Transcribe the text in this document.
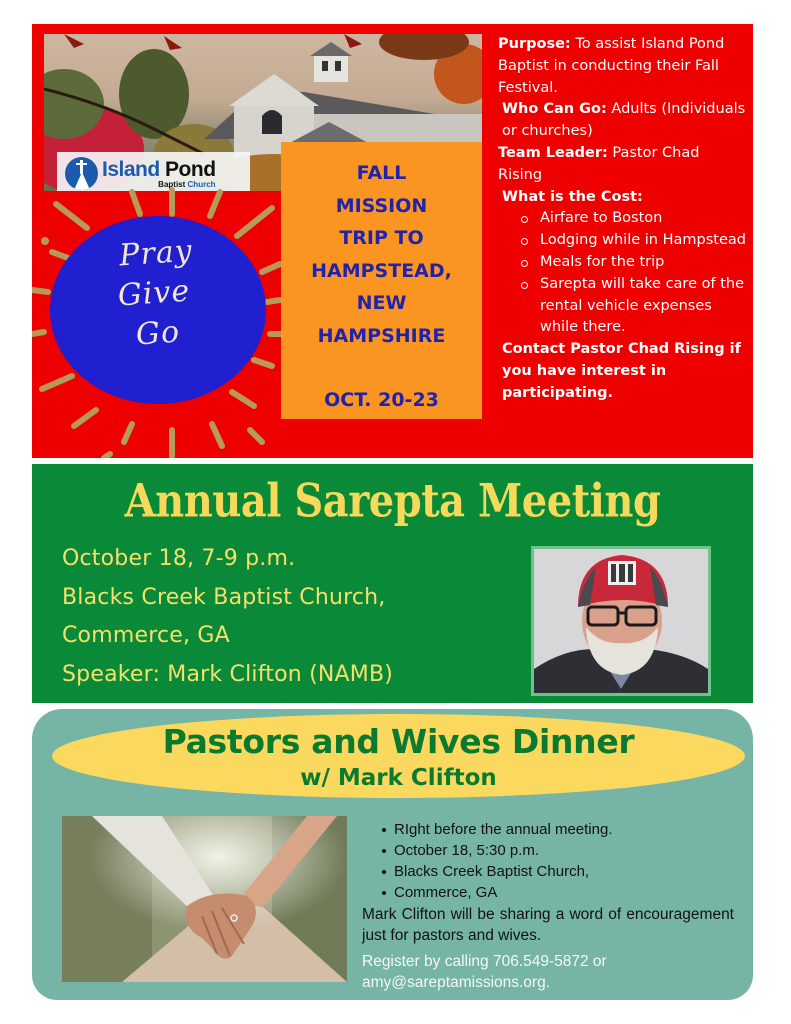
Island Pond
Baptist Church
Pray
Give
Go
FALL
MISSION
TRIP TO
HAMPSTEAD,
NEW
HAMPSHIRE
OCT. 20-23
Purpose: To assist Island Pond Baptist in conducting their Fall Festival.
Who Can Go: Adults (Individuals or churches)
Team Leader: Pastor Chad Rising
What is the Cost:
Airfare to Boston
Lodging while in Hampstead
Meals for the trip
Sarepta will take care of the rental vehicle expenses while there.
Contact Pastor Chad Rising if you have interest in participating.
Annual Sarepta Meeting
October 18, 7-9 p.m.
Blacks Creek Baptist Church,
Commerce, GA
Speaker: Mark Clifton (NAMB)
Pastors and Wives Dinner
w/ Mark Clifton
RIght before the annual meeting.
October 18, 5:30 p.m.
Blacks Creek Baptist Church,
Commerce, GA
Mark Clifton will be sharing a word of encouragement just for pastors and wives.
Register by calling 706.549-5872 or amy@sareptamissions.org.
